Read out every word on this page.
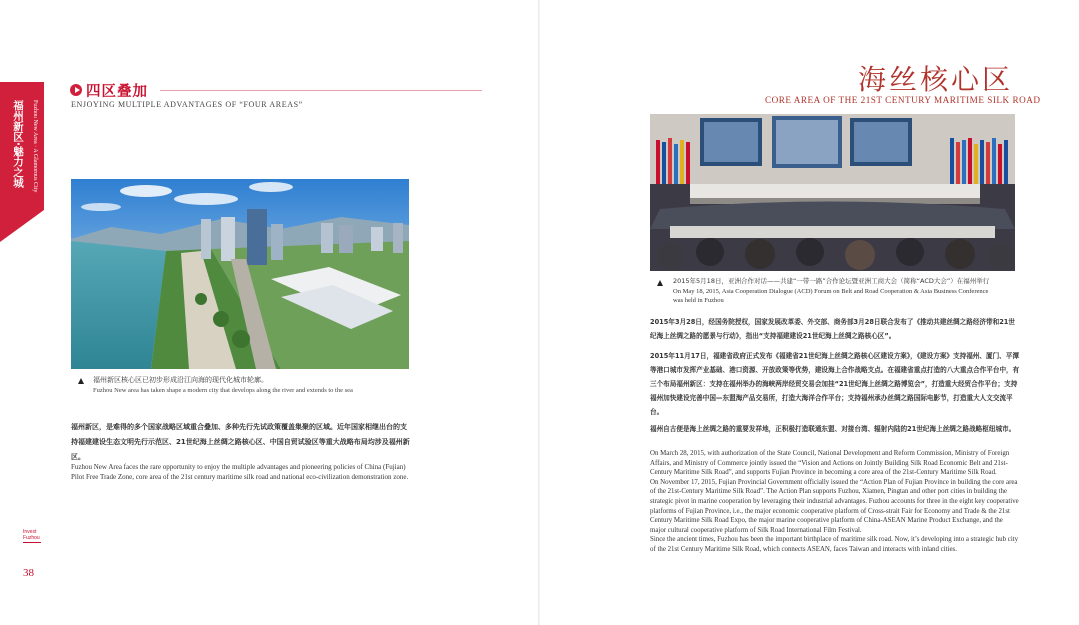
福州新区·魅力之城	Fuzhou New Area · A Glamorous City
四区叠加
ENJOYING MULTIPLE ADVANTAGES OF “FOUR AREAS”
福州新区核心区已初步形成沿江向海的现代化城市轮廓。
Fuzhou New area has taken shape a modern city that develops along the river and extends to the sea
福州新区，是难得的多个国家战略区域重合叠加、多种先行先试政策覆盖集聚的区域。近年国家相继出台的支持福建建设生态文明先行示范区、21世纪海上丝绸之路核心区、中国自贸试验区等重大战略布局均涉及福州新区。
Fuzhou New Area faces the rare opportunity to enjoy the multiple advantages and pioneering policies of China (Fujian) Pilot Free Trade Zone, core area of the 21st century maritime silk road and national eco-civilization demonstration zone.
Invest
Fuzhou
38
海丝核心区
CORE AREA OF THE 21ST CENTURY MARITIME SILK ROAD
2015年5月18日，亚洲合作对话——共建“一带一路”合作论坛暨亚洲工商大会（简称“ACD大会”）在福州举行
On May 18, 2015, Asia Cooperation Dialogue (ACD) Forum on Belt and Road Cooperation & Asia Business Conference
was held in Fuzhou

2015年3月28日，经国务院授权，国家发展改革委、外交部、商务部3月28日联合发布了《推动共建丝绸之路经济带和21世纪海上丝绸之路的愿景与行动》，指出“支持福建建设21世纪海上丝绸之路核心区”。

2015年11月17日，福建省政府正式发布《福建省21世纪海上丝绸之路核心区建设方案》，《建设方案》支持福州、厦门、平潭等港口城市发挥产业基础、港口资源、开放政策等优势，建设海上合作战略支点。在福建省重点打造的八大重点合作平台中，有三个布局福州新区：支持在福州举办的海峡两岸经贸交易会加挂“21世纪海上丝绸之路博览会”，打造重大经贸合作平台；支持福州加快建设完善中国—东盟海产品交易所，打造大海洋合作平台；支持福州承办丝绸之路国际电影节，打造重大人文交流平台。

福州自古便是海上丝绸之路的重要发祥地，正积极打造联通东盟、对接台湾、辐射内陆的21世纪海上丝绸之路战略枢纽城市。

On March 28, 2015, with authorization of the State Council, National Development and Reform Commission, Ministry of Foreign Affairs, and Ministry of Commerce jointly issued the “Vision and Actions on Jointly Building Silk Road Economic Belt and 21st-Century Maritime Silk Road”, and supports Fujian Province in becoming a core area of the 21st-Century Maritime Silk Road.

On November 17, 2015, Fujian Provincial Government officially issued the “Action Plan of Fujian Province in building the core area of the 21st-Century Maritime Silk Road”. The Action Plan supports Fuzhou, Xiamen, Pingtan and other port cities in building the strategic pivot in marine cooperation by leveraging their industrial advantages. Fuzhou accounts for three in the eight key cooperative platforms of Fujian Province, i.e., the major economic cooperative platform of Cross-strait Fair for Economy and Trade & the 21st Century Maritime Silk Road Expo, the major marine cooperative platform of China-ASEAN Marine Product Exchange, and the major cultural cooperative platform of Silk Road International Film Festival.

Since the ancient times, Fuzhou has been the important birthplace of maritime silk road. Now, it’s developing into a strategic hub city of the 21st Century Maritime Silk Road, which connects ASEAN, faces Taiwan and interacts with inland cities.
